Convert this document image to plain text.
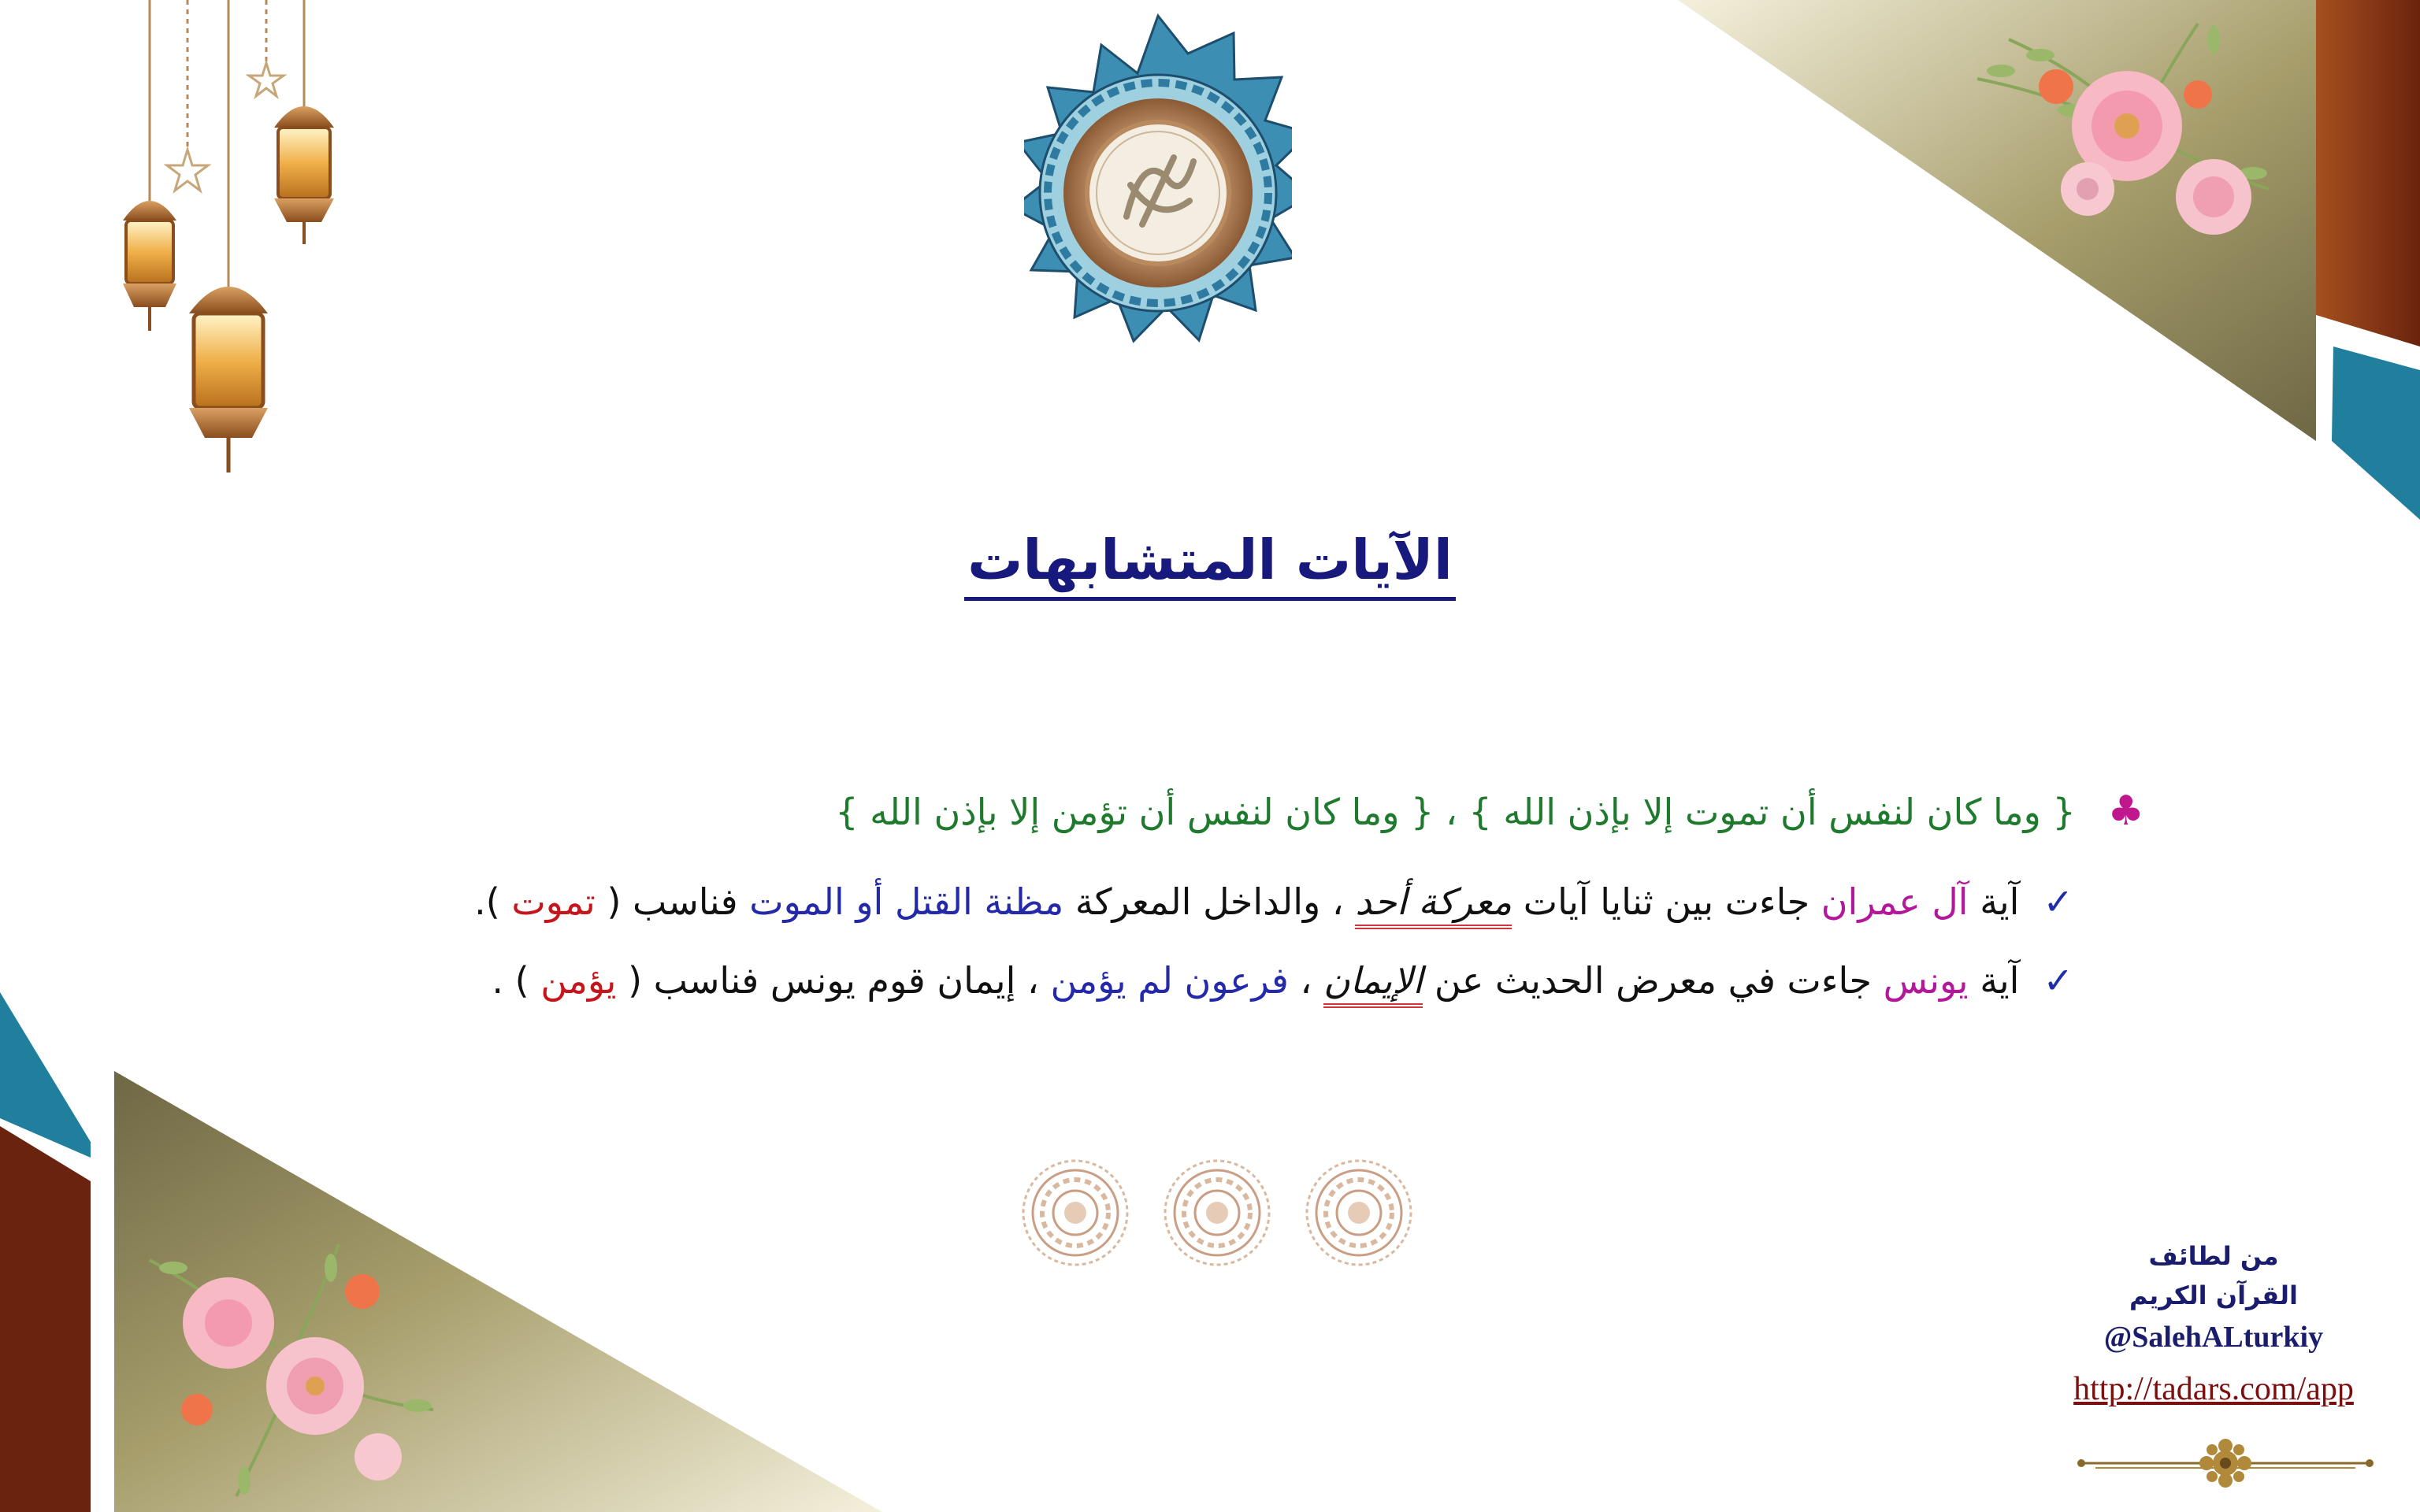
الآيات المتشابهات
♣ { وما كان لنفس أن تموت إلا بإذن الله } ، { وما كان لنفس أن تؤمن إلا بإذن الله }
✓آية آل عمران جاءت بين ثنايا آيات معركة أحد ، والداخل المعركة مظنة القتل أو الموت فناسب ( تموت ).
✓آية يونس جاءت في معرض الحديث عن الإيمان ، فرعون لم يؤمن ، إيمان قوم يونس فناسب ( يؤمن ) .
من لطائف
القرآن الكريم
@SalehALturkiy
http://tadars.com/app
